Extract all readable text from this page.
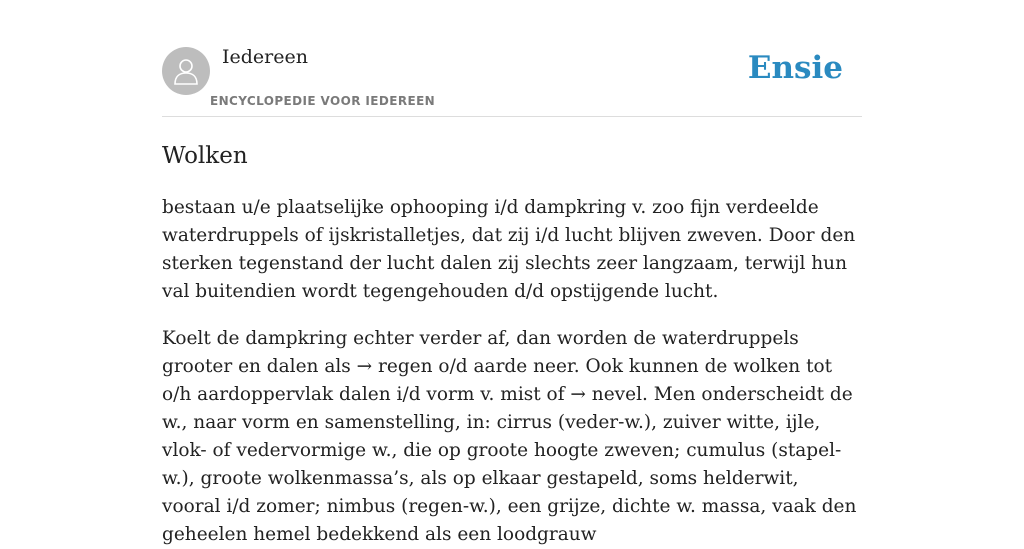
Iedereen
ENCYCLOPEDIE VOOR IEDEREEN
Ensie
Wolken

bestaan u/e plaatselijke ophooping i/d dampkring v. zoo fijn verdeelde waterdruppels of ijskristalletjes, dat zij i/d lucht blijven zweven. Door den sterken tegenstand der lucht dalen zij slechts zeer langzaam, terwijl hun val buitendien wordt tegengehouden d/d opstijgende lucht.

Koelt de dampkring echter verder af, dan worden de waterdruppels grooter en dalen als → regen o/d aarde neer. Ook kunnen de wolken tot o/h aardoppervlak dalen i/d vorm v. mist of → nevel. Men onderscheidt de w., naar vorm en samenstelling, in: cirrus (veder-w.), zuiver witte, ijle, vlok- of vedervormige w., die op groote hoogte zweven; cumulus (stapel-w.), groote wolkenmassa’s, als op elkaar gestapeld, soms helderwit, vooral i/d zomer; nimbus (regen-w.), een grijze, dichte w. massa, vaak den geheelen hemel bedekkend als een loodgrauw
